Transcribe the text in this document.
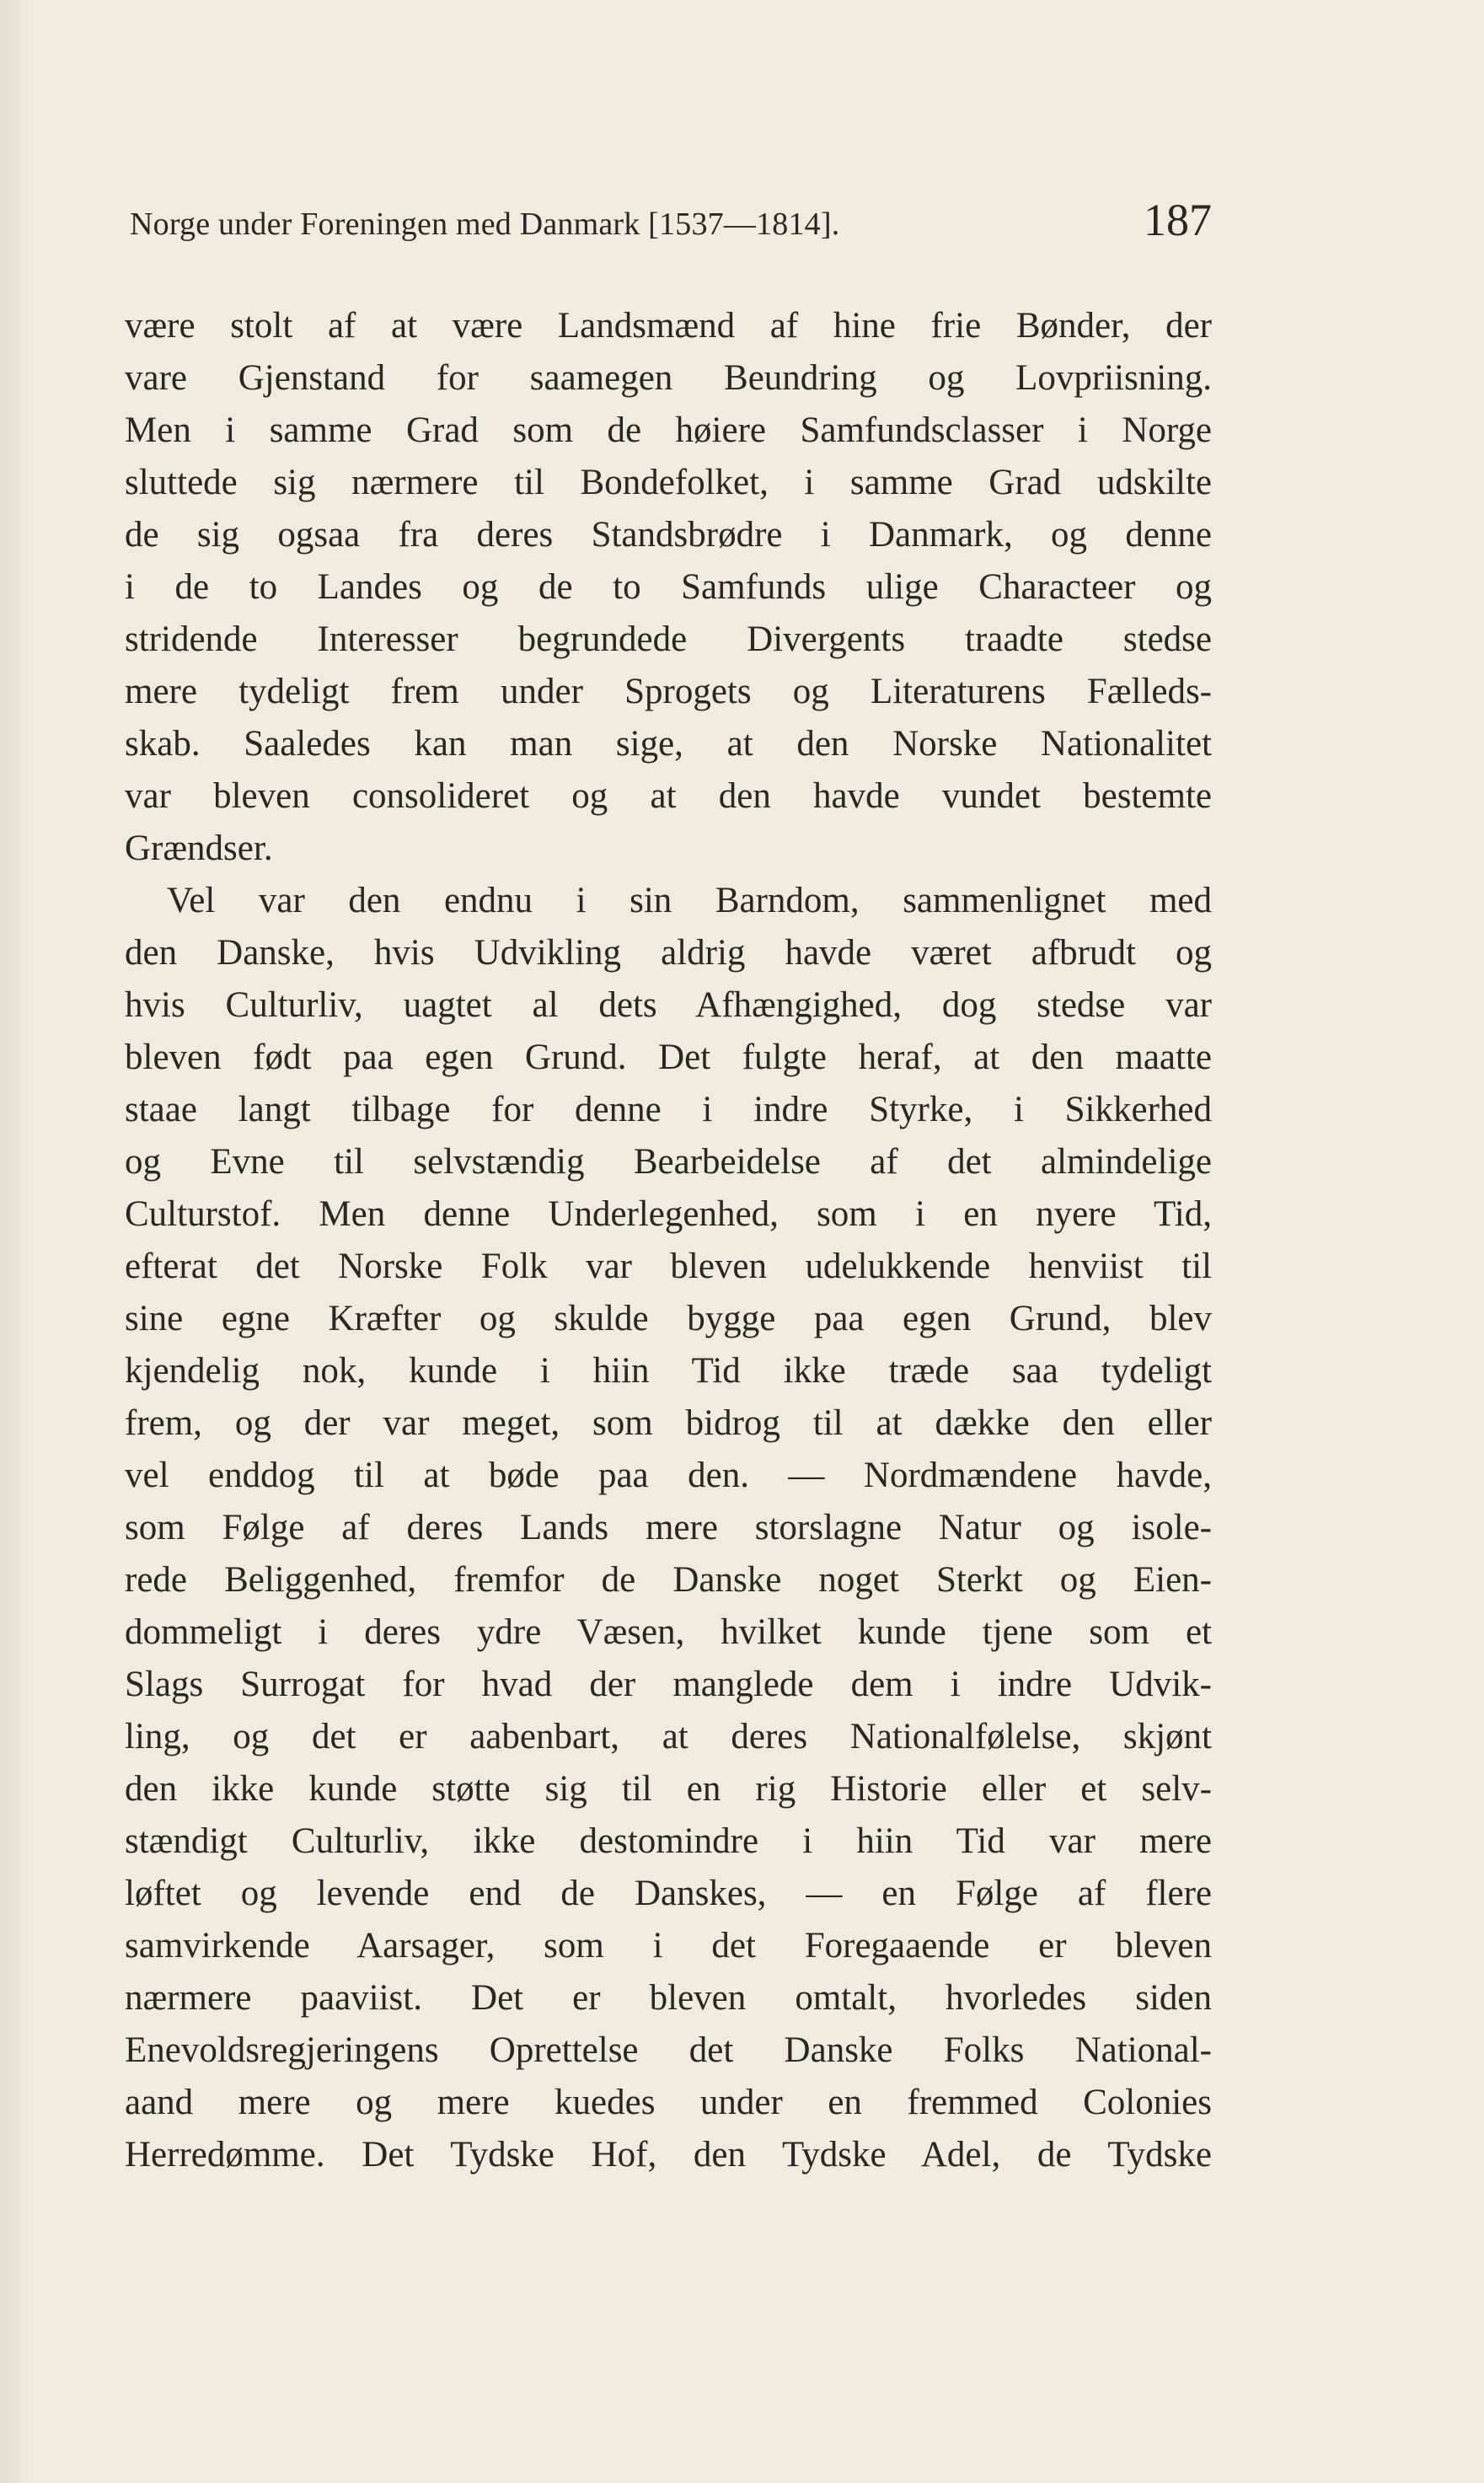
Norge under Foreningen med Danmark [1537—1814].	187
være stolt af at være Landsmænd af hine frie Bønder, der
vare Gjenstand for saamegen Beundring og Lovpriisning.
Men i samme Grad som de høiere Samfundsclasser i Norge
sluttede sig nærmere til Bondefolket, i samme Grad udskilte
de sig ogsaa fra deres Standsbrødre i Danmark, og denne
i de to Landes og de to Samfunds ulige Characteer og
stridende Interesser begrundede Divergents traadte stedse
mere tydeligt frem under Sprogets og Literaturens Fælleds-
skab. Saaledes kan man sige, at den Norske Nationalitet
var bleven consolideret og at den havde vundet bestemte
Grændser.
Vel var den endnu i sin Barndom, sammenlignet med
den Danske, hvis Udvikling aldrig havde været afbrudt og
hvis Culturliv, uagtet al dets Afhængighed, dog stedse var
bleven født paa egen Grund. Det fulgte heraf, at den maatte
staae langt tilbage for denne i indre Styrke, i Sikkerhed
og Evne til selvstændig Bearbeidelse af det almindelige
Culturstof. Men denne Underlegenhed, som i en nyere Tid,
efterat det Norske Folk var bleven udelukkende henviist til
sine egne Kræfter og skulde bygge paa egen Grund, blev
kjendelig nok, kunde i hiin Tid ikke træde saa tydeligt
frem, og der var meget, som bidrog til at dække den eller
vel enddog til at bøde paa den. — Nordmændene havde,
som Følge af deres Lands mere storslagne Natur og isole-
rede Beliggenhed, fremfor de Danske noget Sterkt og Eien-
dommeligt i deres ydre Væsen, hvilket kunde tjene som et
Slags Surrogat for hvad der manglede dem i indre Udvik-
ling, og det er aabenbart, at deres Nationalfølelse, skjønt
den ikke kunde støtte sig til en rig Historie eller et selv-
stændigt Culturliv, ikke destomindre i hiin Tid var mere
løftet og levende end de Danskes, — en Følge af flere
samvirkende Aarsager, som i det Foregaaende er bleven
nærmere paaviist. Det er bleven omtalt, hvorledes siden
Enevoldsregjeringens Oprettelse det Danske Folks National-
aand mere og mere kuedes under en fremmed Colonies
Herredømme. Det Tydske Hof, den Tydske Adel, de Tydske
